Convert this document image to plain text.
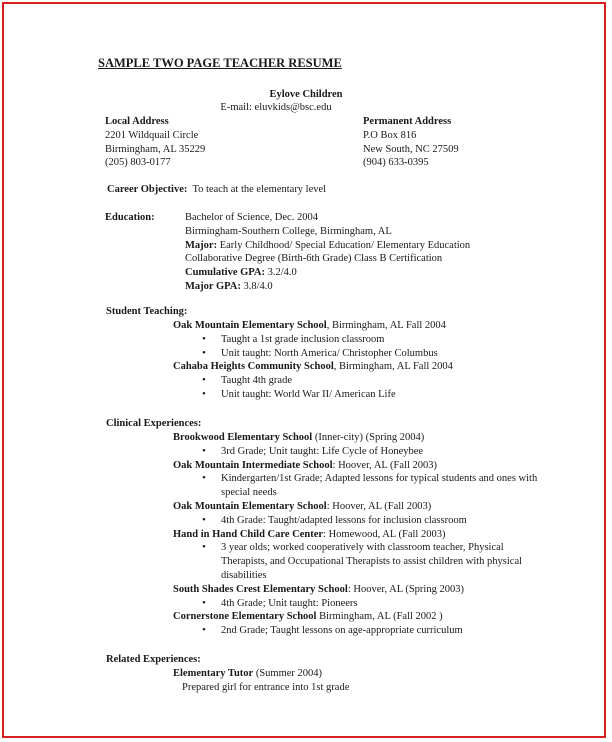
SAMPLE TWO PAGE TEACHER RESUME
Eylove Children
E-mail: eluvkids@bsc.edu
Local Address
2201 Wildquail Circle
Birmingham, AL 35229
(205) 803-0177
Permanent Address
P.O Box 816
New South, NC 27509
(904) 633-0395
Career Objective: To teach at the elementary level
Education:	Bachelor of Science, Dec. 2004
Birmingham-Southern College, Birmingham, AL
Major: Early Childhood/ Special Education/ Elementary Education
Collaborative Degree (Birth-6th Grade) Class B Certification
Cumulative GPA: 3.2/4.0
Major GPA: 3.8/4.0
Student Teaching:
Oak Mountain Elementary School, Birmingham, AL Fall 2004
• Taught a 1st grade inclusion classroom
• Unit taught: North America/ Christopher Columbus
Cahaba Heights Community School, Birmingham, AL Fall 2004
• Taught 4th grade
• Unit taught: World War II/ American Life
Clinical Experiences:
Brookwood Elementary School (Inner-city) (Spring 2004)
• 3rd Grade; Unit taught: Life Cycle of Honeybee
Oak Mountain Intermediate School: Hoover, AL (Fall 2003)
• Kindergarten/1st Grade; Adapted lessons for typical students and ones with special needs
Oak Mountain Elementary School: Hoover, AL (Fall 2003)
• 4th Grade: Taught/adapted lessons for inclusion classroom
Hand in Hand Child Care Center: Homewood, AL (Fall 2003)
• 3 year olds; worked cooperatively with classroom teacher, Physical Therapists, and Occupational Therapists to assist children with physical disabilities
South Shades Crest Elementary School: Hoover, AL (Spring 2003)
• 4th Grade; Unit taught: Pioneers
Cornerstone Elementary School Birmingham, AL (Fall 2002 )
• 2nd Grade; Taught lessons on age-appropriate curriculum
Related Experiences:
Elementary Tutor (Summer 2004)
Prepared girl for entrance into 1st grade
